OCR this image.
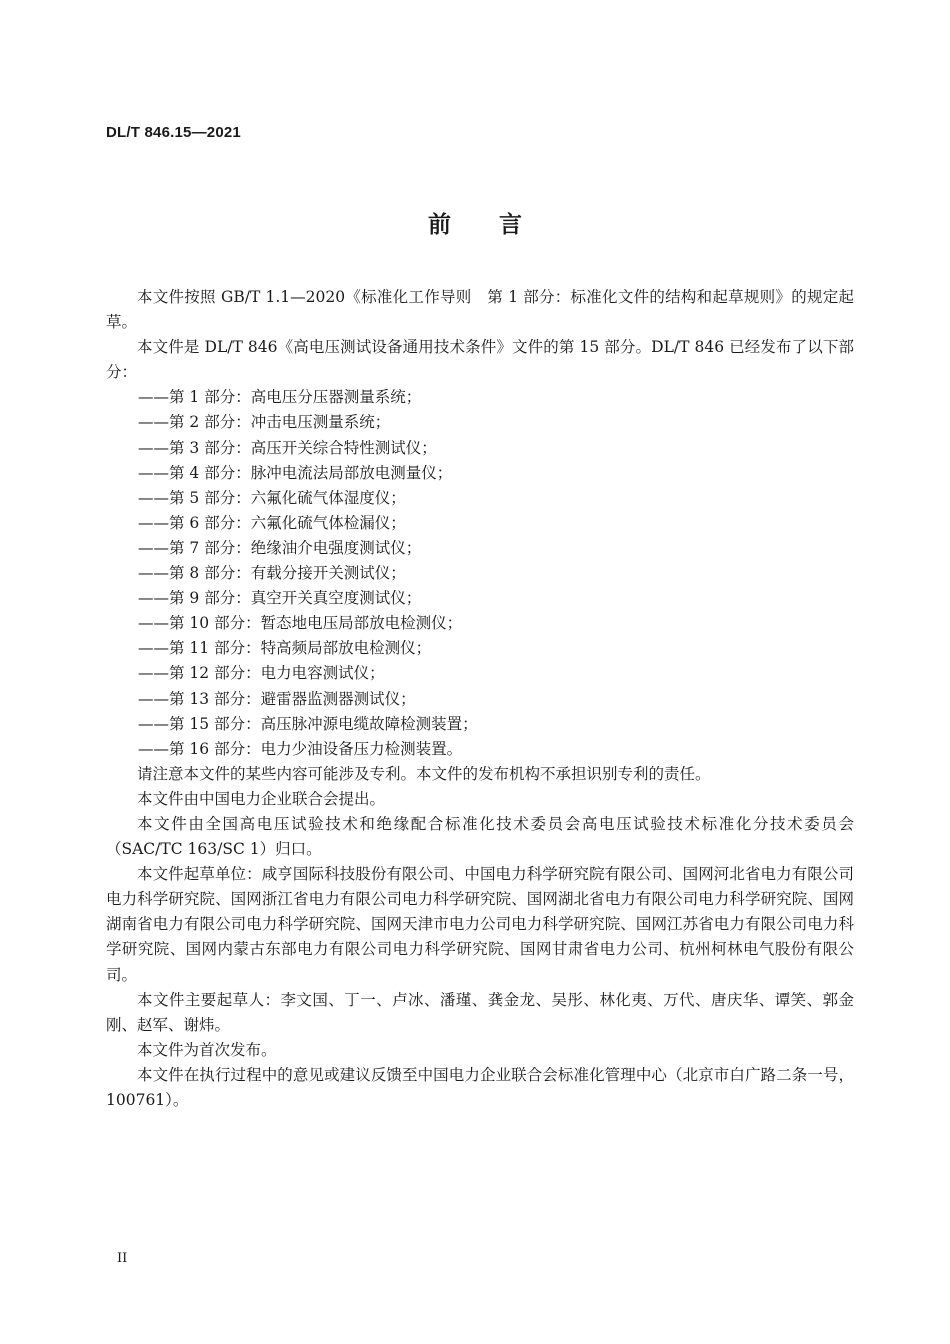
DL/T 846.15—2021
前 言

本文件按照 GB/T 1.1—2020《标准化工作导则　第 1 部分：标准化文件的结构和起草规则》的规定起草。

本文件是 DL/T 846《高电压测试设备通用技术条件》文件的第 15 部分。DL/T 846 已经发布了以下部分：

——第 1 部分：高电压分压器测量系统；
——第 2 部分：冲击电压测量系统；
——第 3 部分：高压开关综合特性测试仪；
——第 4 部分：脉冲电流法局部放电测量仪；
——第 5 部分：六氟化硫气体湿度仪；
——第 6 部分：六氟化硫气体检漏仪；
——第 7 部分：绝缘油介电强度测试仪；
——第 8 部分：有载分接开关测试仪；
——第 9 部分：真空开关真空度测试仪；
——第 10 部分：暂态地电压局部放电检测仪；
——第 11 部分：特高频局部放电检测仪；
——第 12 部分：电力电容测试仪；
——第 13 部分：避雷器监测器测试仪；
——第 15 部分：高压脉冲源电缆故障检测装置；
——第 16 部分：电力少油设备压力检测装置。

请注意本文件的某些内容可能涉及专利。本文件的发布机构不承担识别专利的责任。

本文件由中国电力企业联合会提出。

本文件由全国高电压试验技术和绝缘配合标准化技术委员会高电压试验技术标准化分技术委员会（SAC/TC 163/SC 1）归口。

本文件起草单位：咸亨国际科技股份有限公司、中国电力科学研究院有限公司、国网河北省电力有限公司电力科学研究院、国网浙江省电力有限公司电力科学研究院、国网湖北省电力有限公司电力科学研究院、国网湖南省电力有限公司电力科学研究院、国网天津市电力公司电力科学研究院、国网江苏省电力有限公司电力科学研究院、国网内蒙古东部电力有限公司电力科学研究院、国网甘肃省电力公司、杭州柯林电气股份有限公司。

本文件主要起草人：李文国、丁一、卢冰、潘瑾、龚金龙、吴彤、林化夷、万代、唐庆华、谭笑、郭金刚、赵军、谢炜。

本文件为首次发布。

本文件在执行过程中的意见或建议反馈至中国电力企业联合会标准化管理中心（北京市白广路二条一号，100761）。

II
